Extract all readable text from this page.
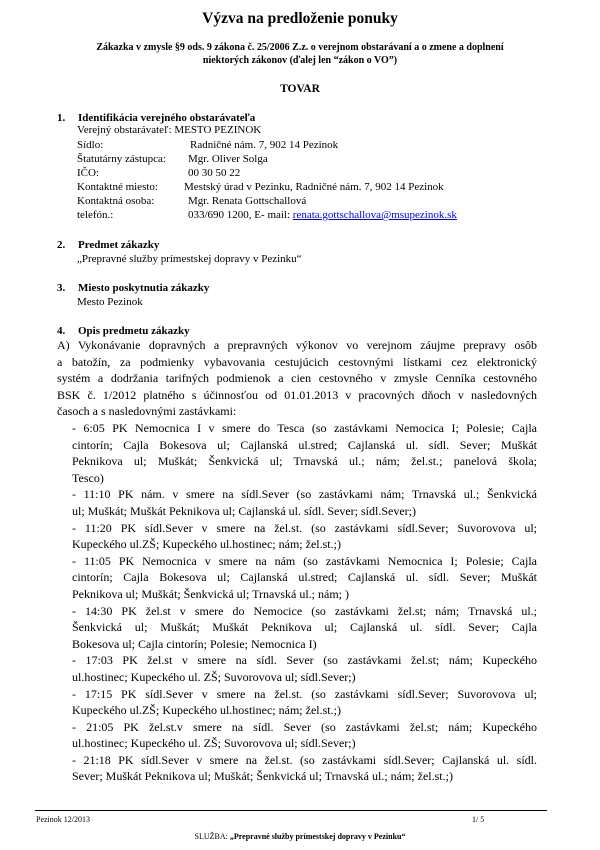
Výzva na predloženie ponuky
Zákazka v zmysle §9 ods. 9 zákona č. 25/2006 Z.z. o verejnom obstarávaní a o zmene a doplnení
niektorých zákonov (ďalej len “zákon o VO”)
TOVAR
1. Identifikácia verejného obstarávateľa
Verejný obstarávateľ: MESTO PEZINOK
Sídlo:	Radničné nám. 7, 902 14 Pezinok
Štatutárny zástupca: Mgr. Oliver Solga
IČO:	00 30 50 22
Kontaktné miesto: Mestský úrad v Pezinku, Radničné nám. 7, 902 14 Pezinok
Kontaktná osoba:	Mgr. Renata Gottschallová
telefón.:	033/690 1200, E- mail: renata.gottschallova@msupezinok.sk
2. Predmet zákazky
„Prepravné služby prímestskej dopravy v Pezinku“
3. Miesto poskytnutia zákazky
Mesto Pezinok
4. Opis predmetu zákazky
A) Vykonávanie dopravných a prepravných výkonov vo verejnom záujme prepravy osôb
a batožín, za podmienky vybavovania cestujúcich cestovnými lístkami cez elektronický
systém a dodržania tarifných podmienok a cien cestovného v zmysle Cenníka cestovného
BSK č. 1/2012 platného s účinnosťou od 01.01.2013 v pracovných dňoch v nasledovných
časoch a s nasledovnými zastávkami:
- 6:05 PK Nemocnica I v smere do Tesca (so zastávkami Nemocica I; Polesie; Cajla
cintorín; Cajla Bokesova ul; Cajlanská ul.stred; Cajlanská ul. sídl. Sever; Muškát
Peknikova ul; Muškát; Šenkvická ul; Trnavská ul.; nám; žel.st.; panelová škola;
Tesco)
- 11:10 PK nám. v smere na sídl.Sever (so zastávkami nám; Trnavská ul.; Šenkvická
ul; Muškát; Muškát Peknikova ul; Cajlanská ul. sídl. Sever; sídl.Sever;)
- 11:20 PK sídl.Sever v smere na žel.st. (so zastávkami sídl.Sever; Suvorovova ul;
Kupeckého ul.ZŠ; Kupeckého ul.hostinec; nám; žel.st.;)
- 11:05 PK Nemocnica v smere na nám (so zastávkami Nemocnica I; Polesie; Cajla
cintorín; Cajla Bokesova ul; Cajlanská ul.stred; Cajlanská ul. sídl. Sever; Muškát
Peknikova ul; Muškát; Šenkvická ul; Trnavská ul.; nám; )
- 14:30 PK žel.st v smere do Nemocice (so zastávkami žel.st; nám; Trnavská ul.;
Šenkvická ul; Muškát; Muškát Peknikova ul; Cajlanská ul. sídl. Sever; Cajla
Bokesova ul; Cajla cintorín; Polesie; Nemocnica I)
- 17:03 PK žel.st v smere na sídl. Sever (so zastávkami žel.st; nám; Kupeckého
ul.hostinec; Kupeckého ul. ZŠ; Suvorovova ul; sídl.Sever;)
- 17:15 PK sídl.Sever v smere na žel.st. (so zastávkami sídl.Sever; Suvorovova ul;
Kupeckého ul.ZŠ; Kupeckého ul.hostinec; nám; žel.st.;)
- 21:05 PK žel.st.v smere na sídl. Sever (so zastávkami žel.st; nám; Kupeckého
ul.hostinec; Kupeckého ul. ZŠ; Suvorovova ul; sídl.Sever;)
- 21:18 PK sídl.Sever v smere na žel.st. (so zastávkami sídl.Sever; Cajlanská ul. sídl.
Sever; Muškát Peknikova ul; Muškát; Šenkvická ul; Trnavská ul.; nám; žel.st.;)
Pezinok 12/2013	1/ 5
SLUŽBA: „Prepravné služby prímestskej dopravy v Pezinku“
